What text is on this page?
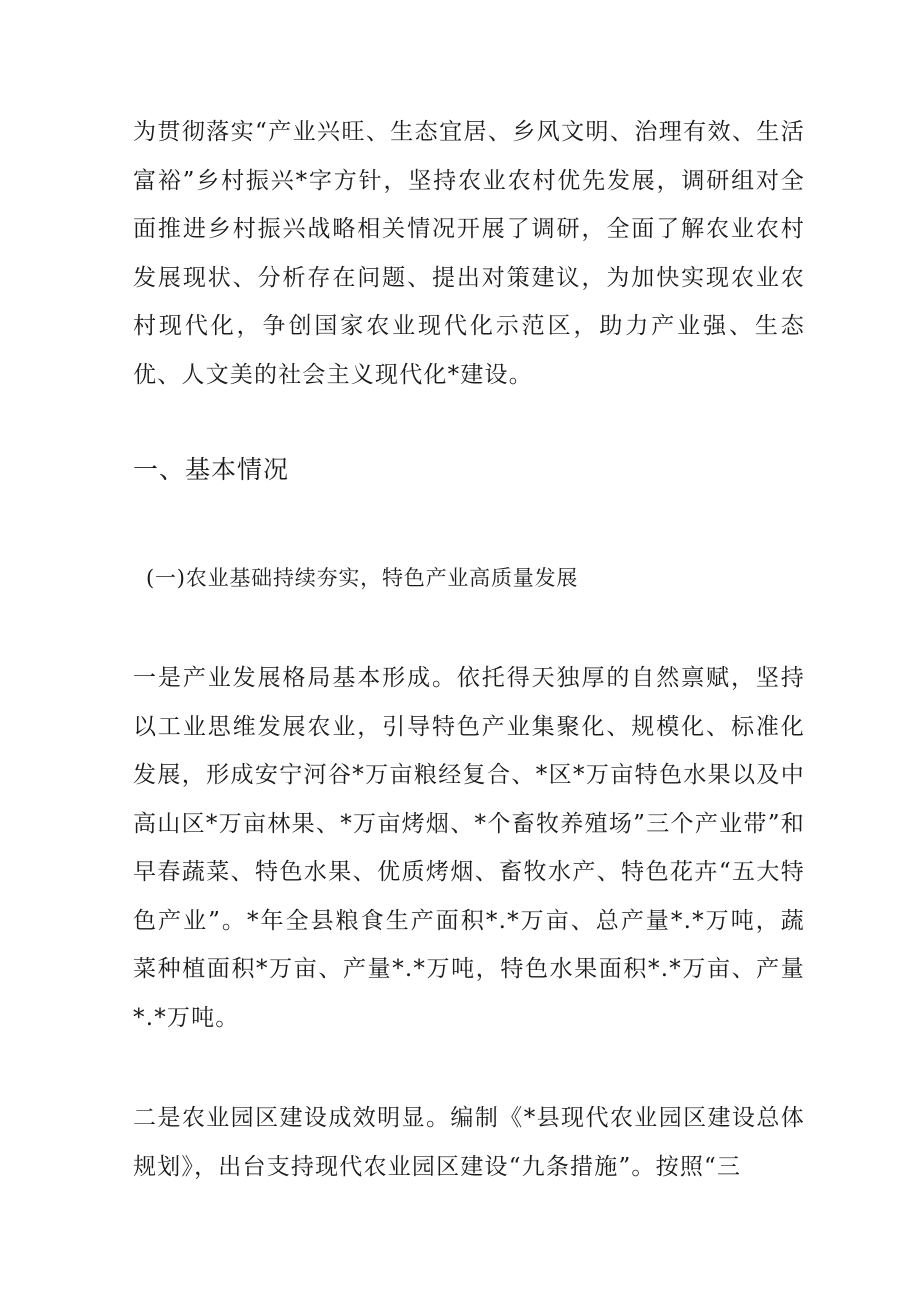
为贯彻落实“产业兴旺、生态宜居、乡风文明、治理有效、生活富裕”乡村振兴*字方针，坚持农业农村优先发展，调研组对全面推进乡村振兴战略相关情况开展了调研，全面了解农业农村发展现状、分析存在问题、提出对策建议，为加快实现农业农村现代化，争创国家农业现代化示范区，助力产业强、生态优、人文美的社会主义现代化*建设。

一、基本情况
(一)农业基础持续夯实，特色产业高质量发展

一是产业发展格局基本形成。依托得天独厚的自然禀赋，坚持以工业思维发展农业，引导特色产业集聚化、规模化、标准化发展，形成安宁河谷*万亩粮经复合、*区*万亩特色水果以及中高山区*万亩林果、*万亩烤烟、*个畜牧养殖场”三个产业带”和早春蔬菜、特色水果、优质烤烟、畜牧水产、特色花卉“五大特色产业”。*年全县粮食生产面积*.*万亩、总产量*.*万吨，蔬菜种植面积*万亩、产量*.*万吨，特色水果面积*.*万亩、产量*.*万吨。

二是农业园区建设成效明显。编制《*县现代农业园区建设总体规划》，出台支持现代农业园区建设“九条措施”。按照“三
